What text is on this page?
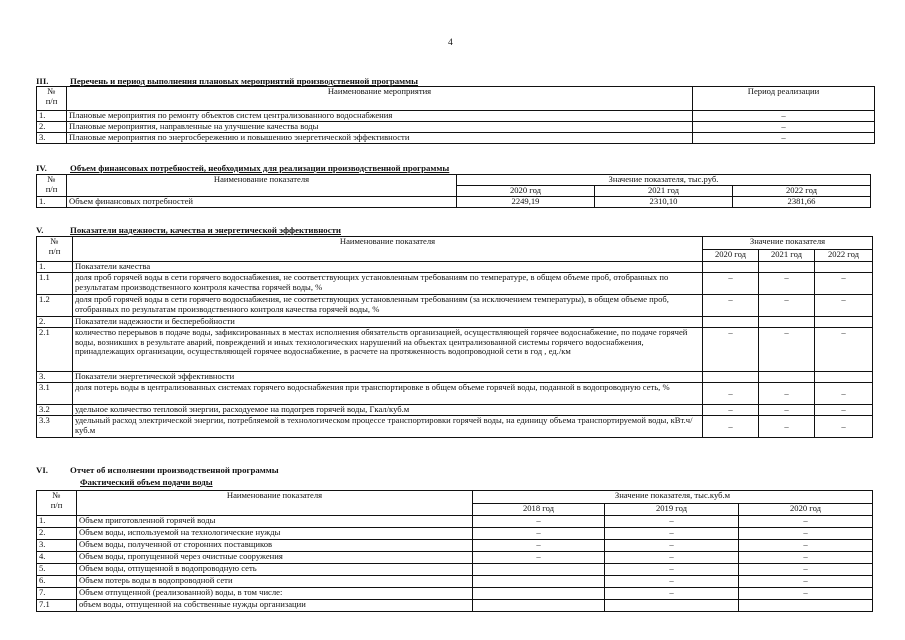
4
III. Перечень и период выполнения плановых мероприятий производственной программы
№
п/п	Наименование мероприятия	Период реализации
1.	Плановые мероприятия по ремонту объектов систем централизованного водоснабжения	–
2.	Плановые мероприятия, направленные на улучшение качества воды	–
3.	Плановые мероприятия по энергосбережению и повышению энергетической эффективности	–
IV.	Объем финансовых потребностей, необходимых для реализации производственной программы
№
п/п	Наименование показателя	Значение показателя, тыс.руб.		
		2020 год	2021 год	2022 год
1.	Объем финансовых потребностей	2249,19	2310,10	2381,66
V.	Показатели надежности, качества и энергетической эффективности
№
п/п	Наименование показателя	Значение показателя		
		2020 год	2021 год	2022 год
1.	Показатели качества			
1.1	доля проб горячей воды в сети горячего водоснабжения, не соответствующих установленным требованиям по температуре, в общем объеме проб, отобранных по результатам производственного контроля качества горячей воды, %	–	–	–
1.2	доля проб горячей воды в сети горячего водоснабжения, не соответствующих установленным требованиям (за исключением температуры), в общем объеме проб, отобранных по результатам производственного контроля качества горячей воды, %	–	–	–
2.	Показатели надежности и бесперебойности			
2.1	количество перерывов в подаче воды, зафиксированных в местах исполнения обязательств организацией, осуществляющей горячее водоснабжение, по подаче горячей воды, возникших в результате аварий, повреждений и иных технологических нарушений на объектах централизованной системы горячего водоснабжения, принадлежащих организации, осуществляющей горячее водоснабжение, в расчете на протяженность водопроводной сети в год , ед./км	–	–	–
3.	Показатели энергетической эффективности			
3.1	доля потерь воды в централизованных системах горячего водоснабжения при транспортировке в общем объеме горячей воды, поданной в водопроводную сеть, %	–	–	–
3.2	удельное количество тепловой энергии, расходуемое на подогрев горячей воды, Гкал/куб.м	–	–	–
3.3	удельный расход электрической энергии, потребляемой в технологическом процессе транспортировки горячей воды, на единицу объема транспортируемой воды, кВт.ч/куб.м	–	–	–
VI.	Отчет об исполнении производственной программы
Фактический объем подачи воды
№
п/п	Наименование показателя	Значение показателя, тыс.куб.м		
		2018 год	2019 год	2020 год
1.	Объем приготовленной горячей воды	–	–	–
2.	Объем воды, используемой на технологические нужды	–	–	–
3.	Объем воды, полученной от сторонних поставщиков	–	–	–
4.	Объем воды, пропущенной через очистные сооружения	–	–	–
5.	Объем воды, отпущенной в водопроводную сеть		–	–
6.	Объем потерь воды в водопроводной сети		–	–
7.	Объем отпущенной (реализованной) воды, в том числе:		–	–
7.1	объем воды, отпущенной на собственные нужды организации			
